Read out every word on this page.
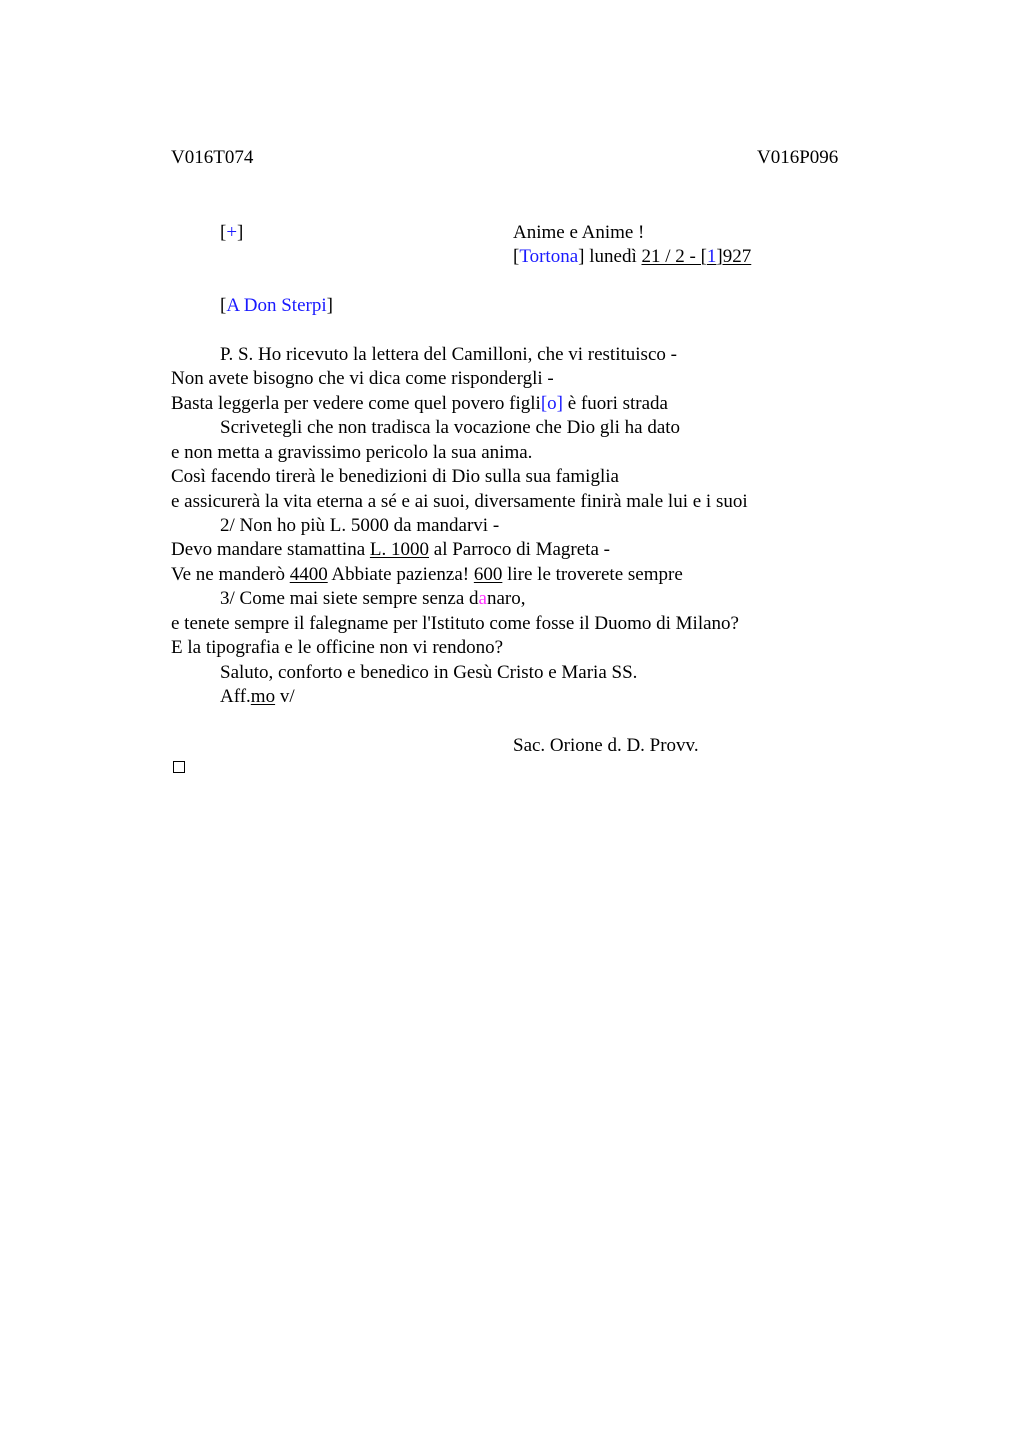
V016T074	V016P096
[+]	Anime e Anime !
[Tortona] lunedì 21 / 2 - [1]927
[A Don Sterpi]
P. S. Ho ricevuto la lettera del Camilloni, che vi restituisco -
Non avete bisogno che vi dica come rispondergli -
Basta leggerla per vedere come quel povero figli[o] è fuori strada
Scrivetegli che non tradisca la vocazione che Dio gli ha dato
e non metta a gravissimo pericolo la sua anima.
Così facendo tirerà le benedizioni di Dio sulla sua famiglia
e assicurerà la vita eterna a sé e ai suoi, diversamente finirà male lui e i suoi
2/ Non ho più L. 5000 da mandarvi -
Devo mandare stamattina L. 1000 al Parroco di Magreta -
Ve ne manderò 4400 Abbiate pazienza! 600 lire le troverete sempre
3/ Come mai siete sempre senza danaro,
e tenete sempre il falegname per l'Istituto come fosse il Duomo di Milano?
E la tipografia e le officine non vi rendono?
Saluto, conforto e benedico in Gesù Cristo e Maria SS.
Aff.mo v/
Sac. Orione d. D. Provv.
